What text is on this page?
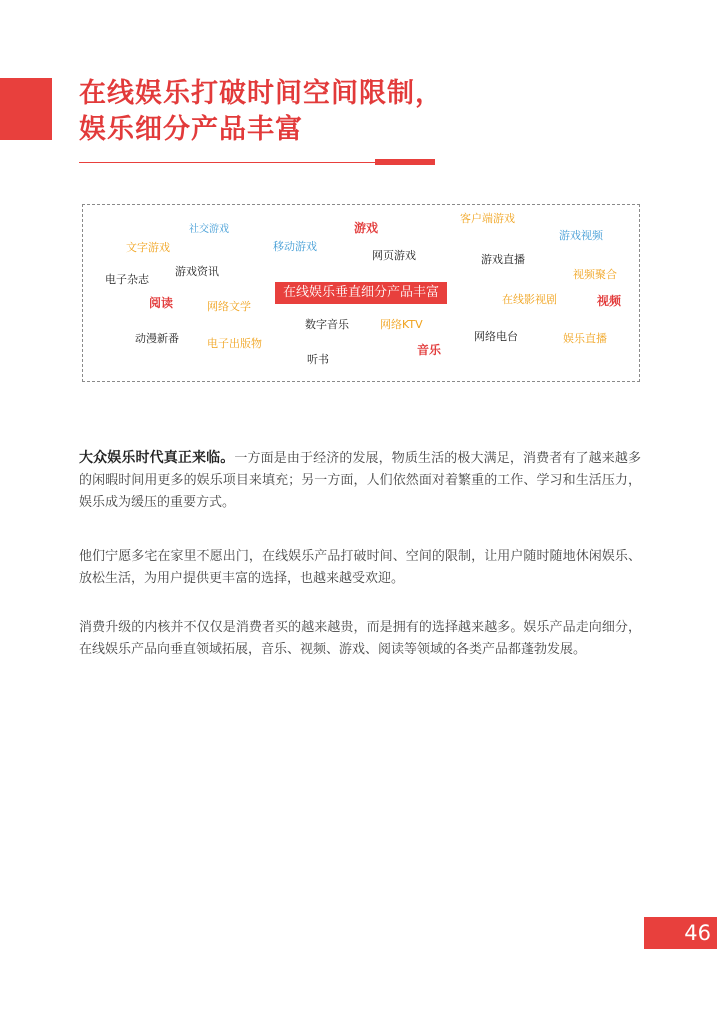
在线娱乐打破时间空间限制，
娱乐细分产品丰富
社交游戏
文字游戏
电子杂志
游戏资讯
阅读	网络文学
动漫新番	电子出版物
移动游戏
游戏
网页游戏
在线娱乐垂直细分产品丰富
数字音乐
听书
网络KTV
音乐
客户端游戏
游戏直播
在线影视剧
网络电台
游戏视频
视频聚合
视频
娱乐直播

大众娱乐时代真正来临。一方面是由于经济的发展，物质生活的极大满足，消费者有了越来越多的闲暇时间用更多的娱乐项目来填充；另一方面，人们依然面对着繁重的工作、学习和生活压力，娱乐成为缓压的重要方式。

他们宁愿多宅在家里不愿出门，在线娱乐产品打破时间、空间的限制，让用户随时随地休闲娱乐、放松生活，为用户提供更丰富的选择，也越来越受欢迎。

消费升级的内核并不仅仅是消费者买的越来越贵，而是拥有的选择越来越多。娱乐产品走向细分，在线娱乐产品向垂直领域拓展，音乐、视频、游戏、阅读等领域的各类产品都蓬勃发展。

46
